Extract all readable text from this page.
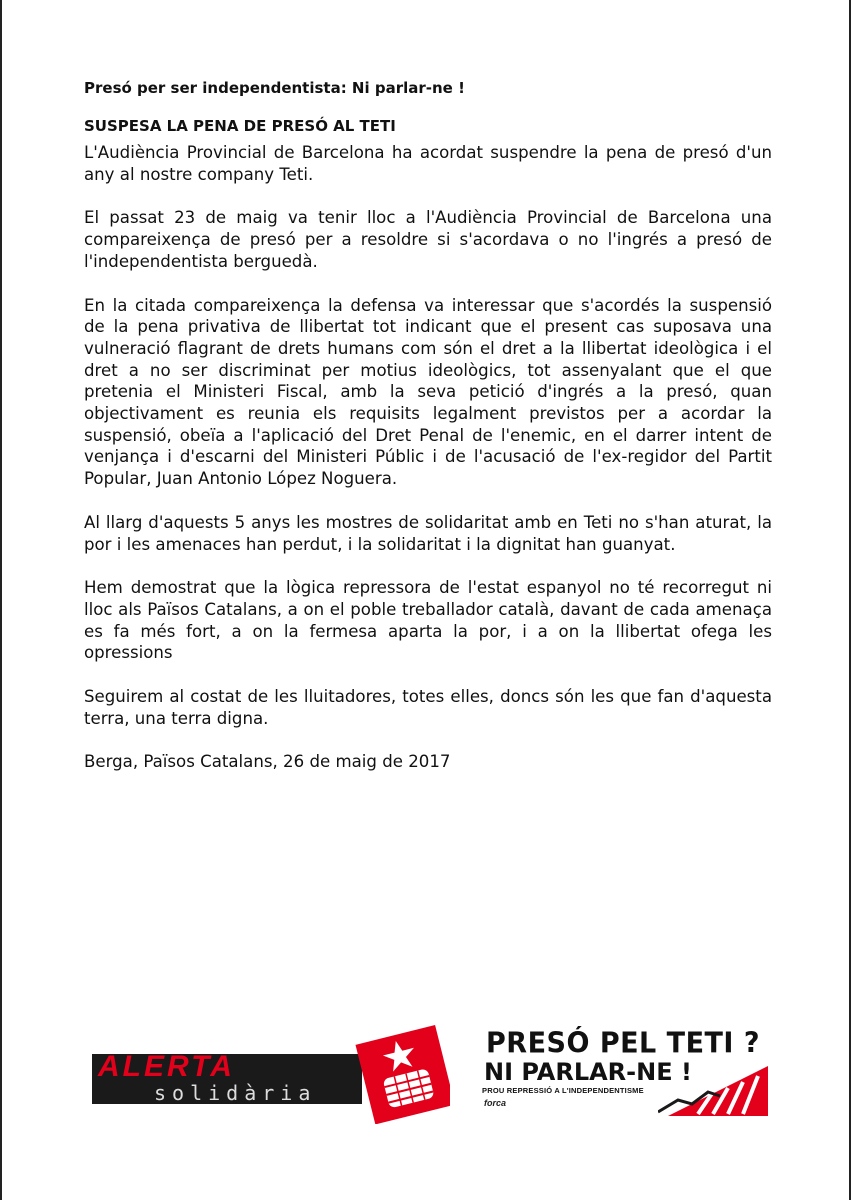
Presó per ser independentista: Ni parlar-ne !
SUSPESA LA PENA DE PRESÓ AL TETI

L'Audiència Provincial de Barcelona ha acordat suspendre la pena de presó d'un any al nostre company Teti.

El passat 23 de maig va tenir lloc a l'Audiència Provincial de Barcelona una compareixença de presó per a resoldre si s'acordava o no l'ingrés a presó de l'independentista berguedà.

En la citada compareixença la defensa va interessar que s'acordés la suspensió de la pena privativa de llibertat tot indicant que el present cas suposava una vulneració flagrant de drets humans com són el dret a la llibertat ideològica i el dret a no ser discriminat per motius ideològics, tot assenyalant que el que pretenia el Ministeri Fiscal, amb la seva petició d'ingrés a la presó, quan objectivament es reunia els requisits legalment previstos per a acordar la suspensió, obeïa a l'aplicació del Dret Penal de l'enemic, en el darrer intent de venjança i d'escarni del Ministeri Públic i de l'acusació de l'ex-regidor del Partit Popular, Juan Antonio López Noguera.

Al llarg d'aquests 5 anys les mostres de solidaritat amb en Teti no s'han aturat, la por i les amenaces han perdut, i la solidaritat i la dignitat han guanyat.

Hem demostrat que la lògica repressora de l'estat espanyol no té recorregut ni lloc als Països Catalans, a on el poble treballador català, davant de cada amenaça es fa més fort, a on la fermesa aparta la por, i a on la llibertat ofega les opressions

Seguirem al costat de les lluitadores, totes elles, doncs són les que fan d'aquesta terra, una terra digna.

Berga, Països Catalans, 26 de maig de 2017

ALERTA
solidària
PRESÓ PEL TETI ?
NI PARLAR-NE !
PROU REPRESSIÓ A L'INDEPENDENTISME
forca
